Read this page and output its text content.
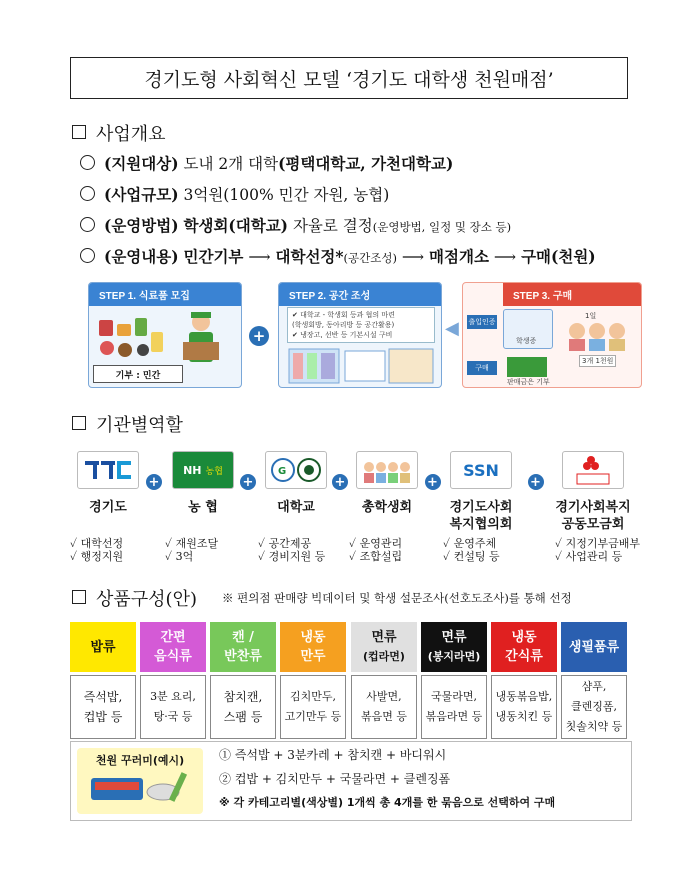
경기도형 사회혁신 모델 ‘경기도 대학생 천원매점’
사업개요
(지원대상) 도내 2개 대학(평택대학교, 가천대학교)
(사업규모) 3억원(100% 민간 자원, 농협)
(운영방법) 학생회(대학교) 자율로 결정(운영방법, 일정 및 장소 등)
(운영내용) 민간기부 ⟶ 대학선정*(공간조성) ⟶ 매점개소 ⟶ 구매(천원)
STEP 1. 식료품 모집
기부 : 민간
+
STEP 2. 공간 조성
✔ 대학교 - 학생회 등과 협의 마련
(학생회방, 동아리방 등 공간활용)
✔ 냉장고, 선반 등 기본시설 구비	◀
STEP 3. 구매
출입인증
학생증
1일
구매
3개 1천원
판매금은 기부
기관별역할
경기도
✓ 대학선정
✓ 행정지원
+
NH 농협
농 협
✓ 재원조달
✓ 3억
+
G
대학교
✓ 공간제공
✓ 경비지원 등
+
총학생회
✓ 운영관리
✓ 조합설립
+
SSN
경기도사회
복지협의회
✓ 운영주체
✓ 컨설팅 등
+
경기사회복지
공동모금회
✓ 지정기부금배부
✓ 사업관리 등
상품구성(안) ※ 편의점 판매량 빅데이터 및 학생 설문조사(선호도조사)를 통해 선정
밥류
즉석밥,
컵밥 등
간편
음식류
3분 요리,
탕·국 등
캔 /
반찬류
참치캔,
스팸 등
냉동
만두
김치만두,
고기만두 등
면류
(컵라면)
사발면,
볶음면 등
면류
(봉지라면)
국물라면,
볶음라면 등
냉동
간식류
냉동볶음밥,
냉동치킨 등
생필품류
샴푸,
클렌징폼,
칫솔치약 등
천원 꾸러미(예시)	① 즉석밥 + 3분카레 + 참치캔 + 바디워시
② 컵밥 + 김치만두 + 국물라면 + 클렌징폼
※ 각 카테고리별(색상별) 1개씩 총 4개를 한 묶음으로 선택하여 구매
